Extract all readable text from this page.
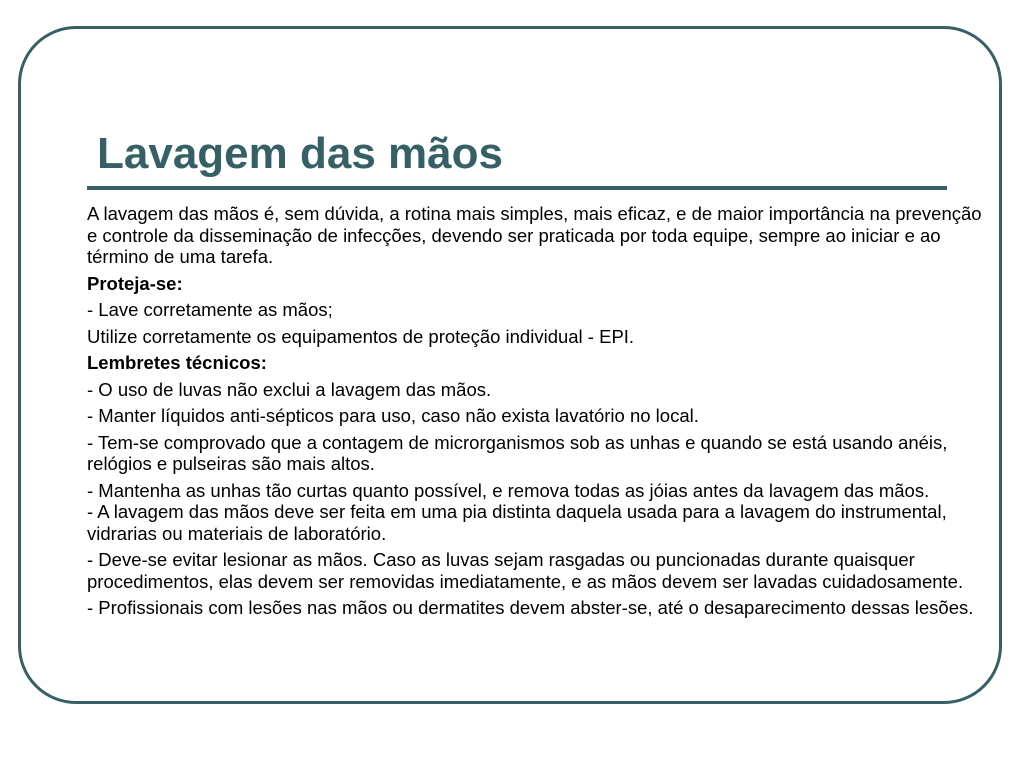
Lavagem das mãos

A lavagem das mãos é, sem dúvida, a rotina mais simples, mais eficaz, e de maior importância na prevenção e controle da disseminação de infecções, devendo ser praticada por toda equipe, sempre ao iniciar e ao término de uma tarefa.

Proteja-se:

- Lave corretamente as mãos;

Utilize corretamente os equipamentos de proteção individual - EPI.

Lembretes técnicos:

- O uso de luvas não exclui a lavagem das mãos.

- Manter líquidos anti-sépticos para uso, caso não exista lavatório no local.

- Tem-se comprovado que a contagem de microrganismos sob as unhas e quando se está usando anéis, relógios e pulseiras são mais altos.

- Mantenha as unhas tão curtas quanto possível, e remova todas as jóias antes da lavagem das mãos.

- A lavagem das mãos deve ser feita em uma pia distinta daquela usada para a lavagem do instrumental, vidrarias ou materiais de laboratório.

- Deve-se evitar lesionar as mãos. Caso as luvas sejam rasgadas ou puncionadas durante quaisquer procedimentos, elas devem ser removidas imediatamente, e as mãos devem ser lavadas cuidadosamente.

- Profissionais com lesões nas mãos ou dermatites devem abster-se, até o desaparecimento dessas lesões.
